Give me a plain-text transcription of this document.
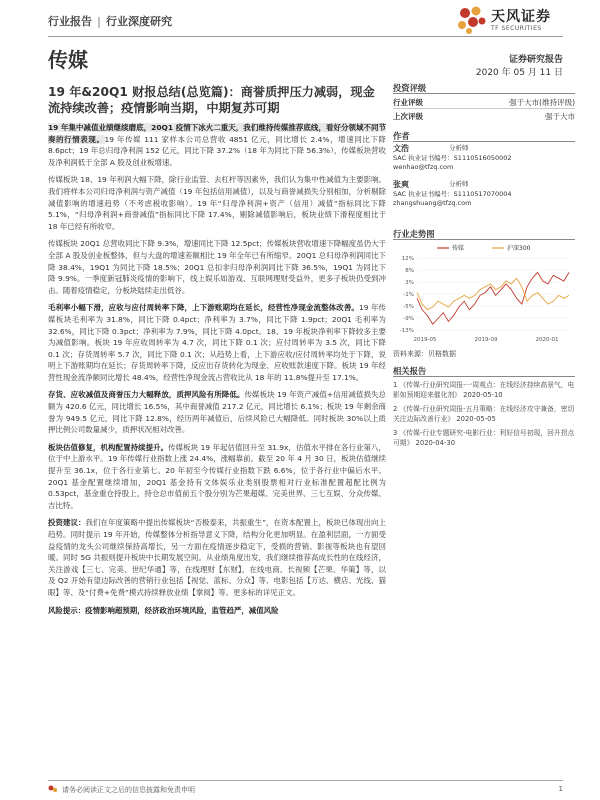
行业报告 | 行业深度研究	天风证券
TF SECURITIES
传媒	证券研究报告
2020 年 05 月 11 日
19 年&20Q1 财报总结(总览篇)：商誉质押压力减弱，现金流持续改善；疫情影响当期，中期复苏可期

19 年集中减值业绩继续磨底，20Q1 疫情下冰火二重天，我们维持传媒推荐底线，看好分领域不同节奏的行情表现。19 年传媒 111 家样本公司总营收 4851 亿元，同比增长 2.4%，增速同比下降 8.6pct；19 年总归母净利润 152 亿元，同比下降 37.2%（18 年为同比下降 56.3%），传媒板块营收及净利润低于全部 A 股及创业板增速。

传媒板块 18、19 年利润大幅下降，除行业监管、去杠杆等因素外，我们认为集中性减值为主要影响。我们将样本公司归母净利润与资产减值（19 年包括信用减值），以及与商誉减损失分别相加，分析剔除减值影响的增速趋势（不考虑税收影响）。19 年“归母净利润+资产（信用）减值”指标同比下降 5.1%，“归母净利润+商誉减值”指标同比下降 17.4%，剔除减值影响后，板块业绩下滑程度相比于 18 年已经有所收窄。

传媒板块 20Q1 总营收同比下降 9.3%，增速同比下降 12.5pct；传媒板块营收增速下降幅度虽仍大于全部 A 股及创业板整体，但与大盘的增速差额相比 19 年全年已有所缩窄。20Q1 总归母净利润同比下降 38.4%，19Q1 为同比下降 18.5%；20Q1 总扣非归母净利润同比下降 36.5%，19Q1 为同比下降 9.9%。一季度新冠肺炎疫情的影响下，线上娱乐如游戏、互联网理财受益外，更多子板块仍受到冲击。随着疫情稳定，分板块陆续走出低谷。

毛利率小幅下滑，应收与应付周转率下降，上下游账期均在延长，经营性净现金流整体改善。19 年传媒板块毛利率为 31.8%，同比下降 0.4pct；净利率为 3.7%，同比下降 1.9pct；20Q1 毛利率为 32.6%，同比下降 0.3pct；净利率为 7.9%，同比下降 4.0pct。18、19 年板块净利率下降较多主要为减值影响。板块 19 年应收周转率为 4.7 次，同比下降 0.1 次；应付周转率为 3.5 次，同比下降 0.1 次；存货周转率 5.7 次，同比下降 0.1 次；从趋势上看，上下游应收/应付周转率均处于下降，说明上下游账期均在延长；存货周转率下降，反应出存货转化为现金、应收账款速度下降。板块 19 年经营性现金流净额同比增长 48.4%，经营性净现金流占营收比从 18 年的 11.8%提升至 17.1%。

存货、应收减值及商誉压力大幅释放，质押风险有所降低。传媒板块 19 年资产减值+信用减值损失总额为 420.6 亿元，同比增长 16.5%，其中商誉减值 217.2 亿元，同比增长 6.1%；板块 19 年剩余商誉为 949.5 亿元，同比下降 12.8%，经历两年减值后，后续风险已大幅降低。同时板块 30%以上质押比例公司数量减少，质押状况相对改善。

板块估值修复，机构配置持续提升。传媒板块 19 年起估值回升至 31.9x，估值水平排在各行业第八，位于中上游水平。19 年传媒行业指数上涨 24.4%，涨幅靠前。截至 20 年 4 月 30 日，板块估值继续提升至 36.1x，位于各行业第七。20 年初至今传媒行业指数下跌 6.6%，位于各行业中偏后水平。20Q1 基金配置继续增加，20Q1 基金持有文体娱乐业类别股票相对行业标准配置超配比例为 0.53pct，基金重仓持股上，持仓总市值前五个股分别为芒果超媒、完美世界、三七互娱、分众传媒、吉比特。

投资建议：我们在年度策略中提出传媒板块“否极泰来，共振重生”，在资本配置上，板块已体现出向上趋势。同时提示 19 年开始，传媒整体分析指导意义下降，结构分化更加明显。在盈利层面，一方面受益疫情的龙头公司继续保持高增长，另一方面在疫情逐步稳定下，受损的营销、影视等板块也有望回暖。同时 5G 共振则提升板块中长期发展空间。从业绩角度出发，我们继续推荐高成长性的在线经济，关注游戏【三七、完美、世纪华通】等，在线理财【东财】，在线电商、长视频【芒果、华策】等，以及 Q2 开始有望边际改善的营销行业包括【视觉、蓝标、分众】等、电影包括【万达、横店、光线、猫眼】等、及“付费+免费”模式持续释放业绩【掌阅】等。更多标的详见正文。

风险提示：疫情影响超预期，经济政治环境风险，监管趋严，减值风险

投资评级
行业评级	强于大市(维持评级)
上次评级	强于大市
作者
文浩	分析师
SAC 执业证书编号：S1110516050002
wenhao@tfzq.com
张爽	分析师
SAC 执业证书编号：S1110517070004
zhangshuang@tfzq.com
行业走势图
12%
8%
3%
-1%
-5%
-9%
-13%
2019-05	2019-09	2020-01
传媒	沪深300
资料来源：贝格数据
相关报告
1 《传媒-行业研究周报-一周观点：在线经济持续高景气，电影如预期迎来催化剂》 2020-05-10
2 《传媒-行业研究周报-五月策略：在线经济攻守兼备，密切关注边际改善行业》 2020-05-05
3 《传媒-行业专题研究-电影行业：利好信号初现，回升拐点可期》 2020-04-30
请务必阅读正文之后的信息披露和免责申明	1
